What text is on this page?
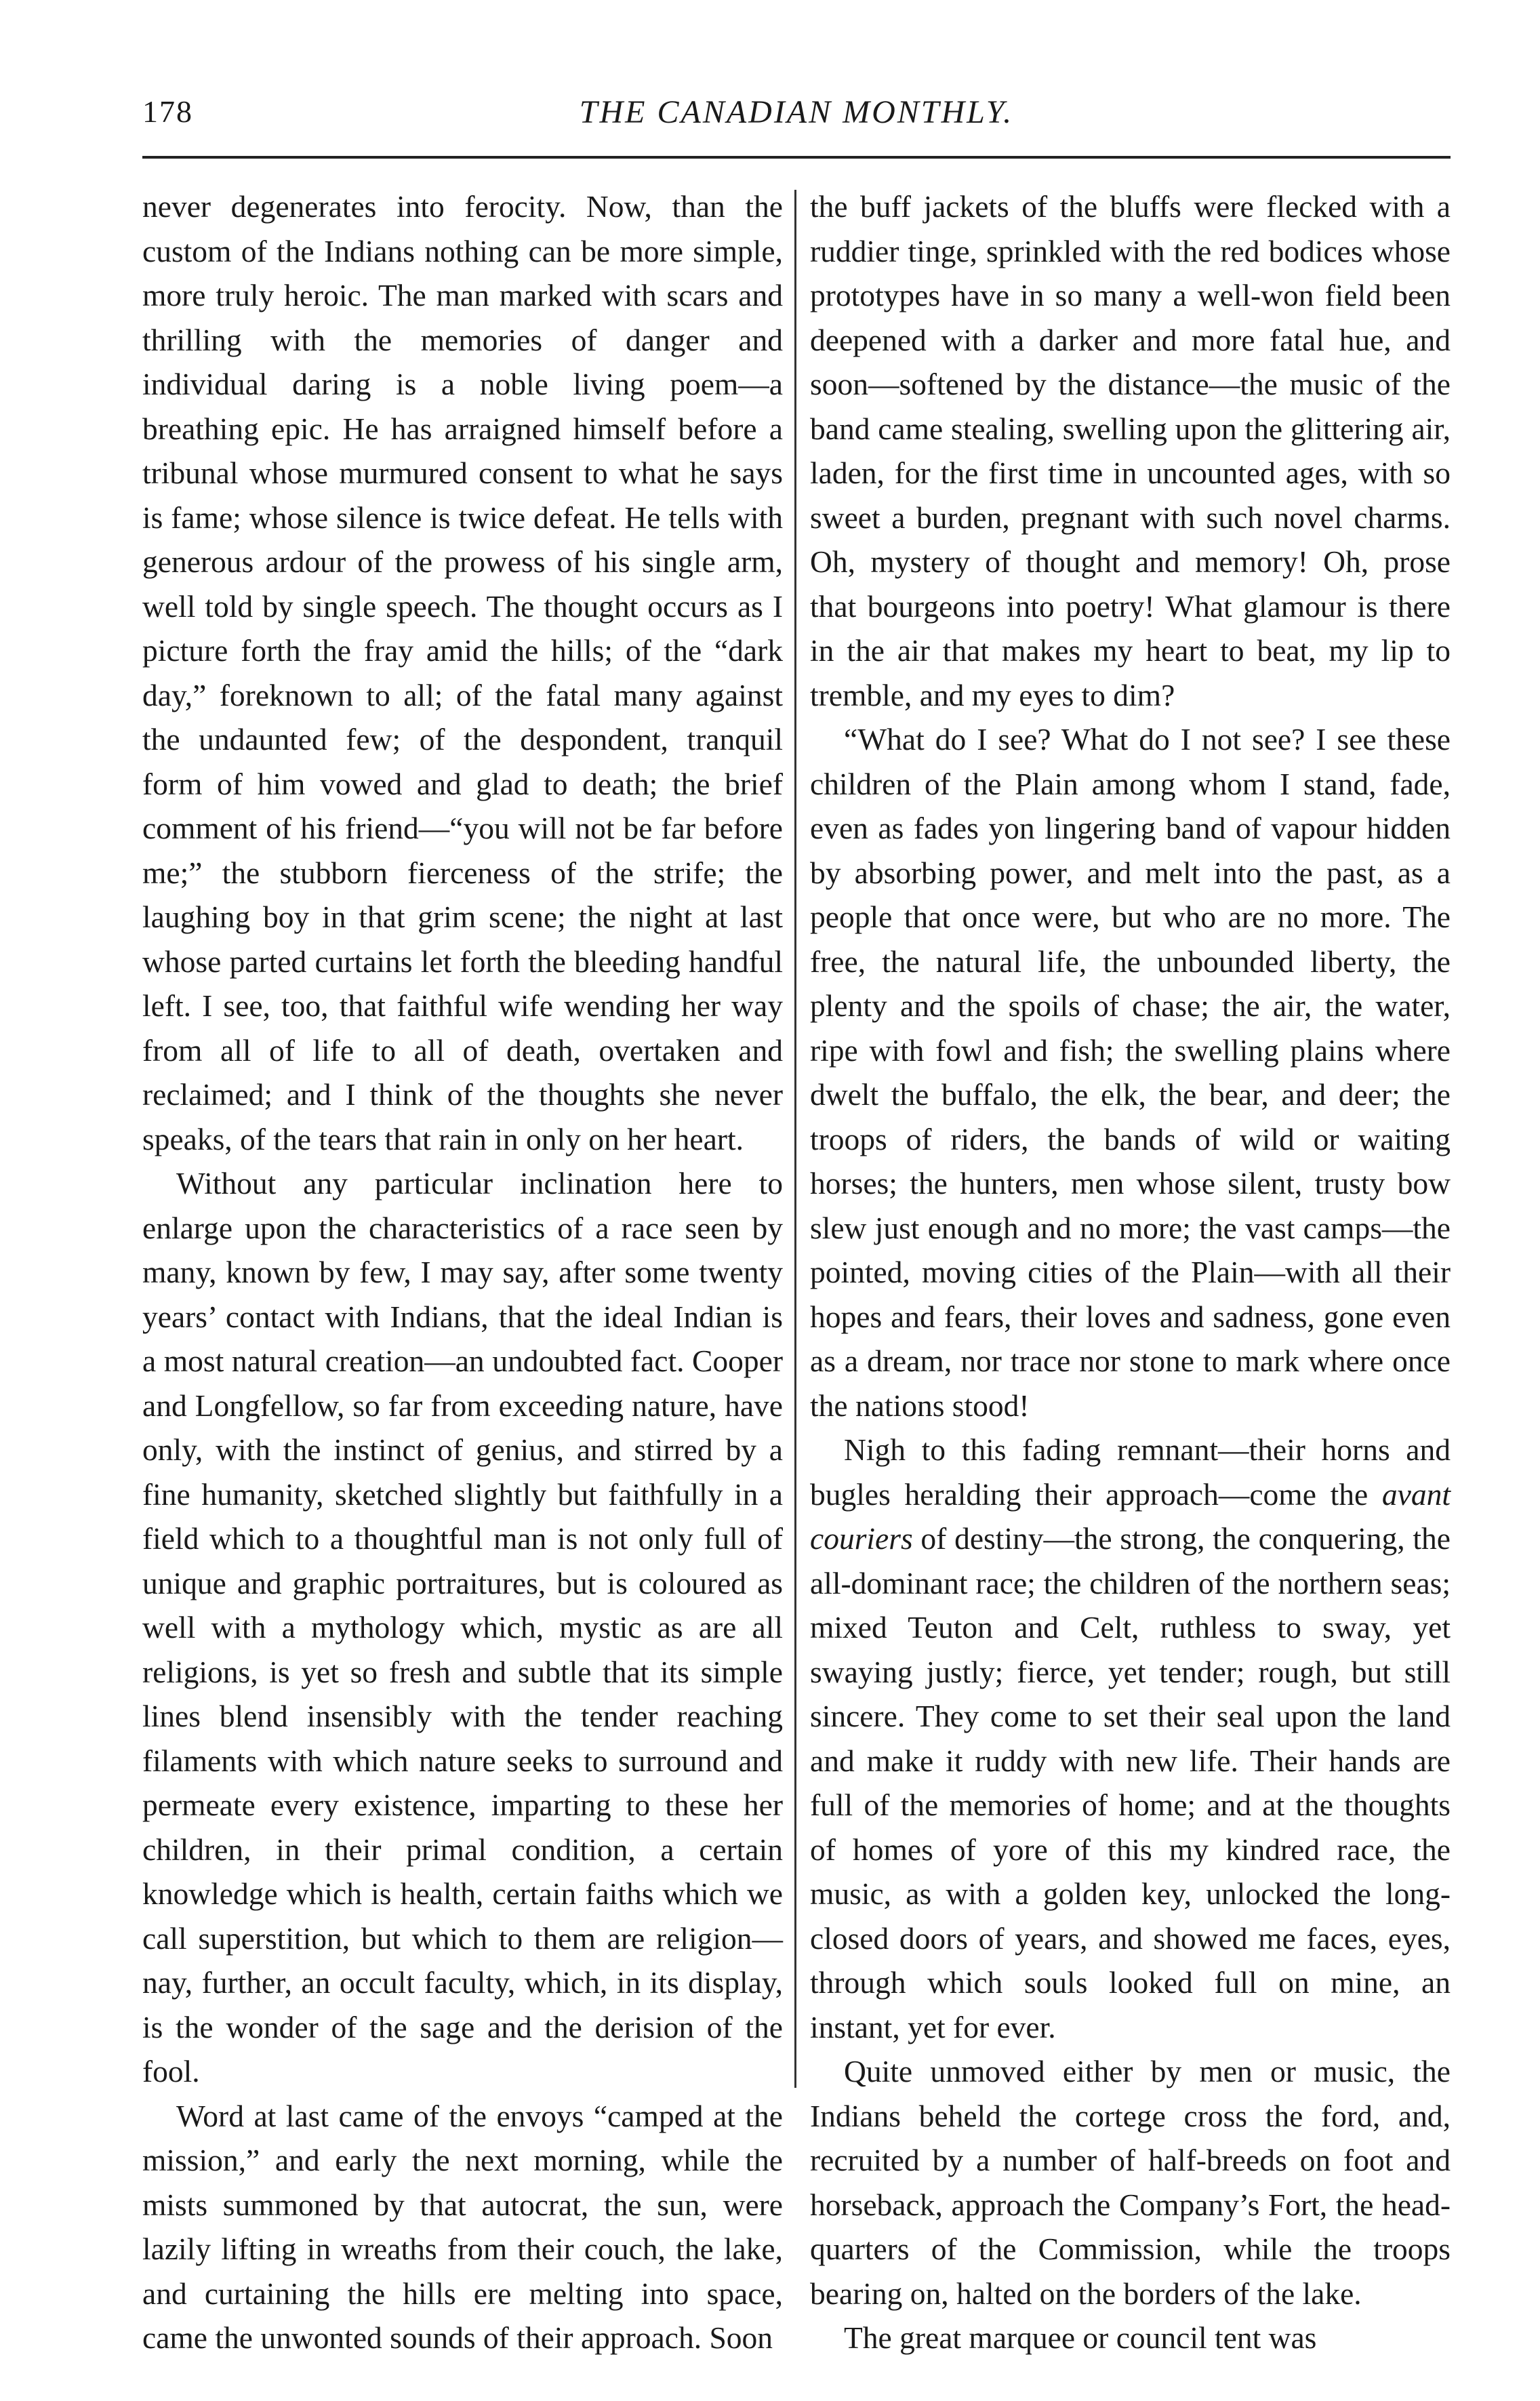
178	THE CANADIAN MONTHLY.

never degenerates into ferocity. Now, than the custom of the Indians nothing can be more simple, more truly heroic. The man marked with scars and thrilling with the memories of danger and individual daring is a noble living poem—a breathing epic. He has arraigned himself before a tribunal whose murmured consent to what he says is fame; whose silence is twice defeat. He tells with generous ardour of the prowess of his single arm, well told by single speech. The thought occurs as I picture forth the fray amid the hills; of the “dark day,” foreknown to all; of the fatal many against the undaunted few; of the despondent, tranquil form of him vowed and glad to death; the brief comment of his friend—“you will not be far before me;” the stubborn fierceness of the strife; the laughing boy in that grim scene; the night at last whose parted curtains let forth the bleeding handful left. I see, too, that faithful wife wending her way from all of life to all of death, overtaken and reclaimed; and I think of the thoughts she never speaks, of the tears that rain in only on her heart.

Without any particular inclination here to enlarge upon the characteristics of a race seen by many, known by few, I may say, after some twenty years’ contact with Indians, that the ideal Indian is a most natural creation—an undoubted fact. Cooper and Longfellow, so far from exceeding nature, have only, with the instinct of genius, and stirred by a fine humanity, sketched slightly but faithfully in a field which to a thoughtful man is not only full of unique and graphic portraitures, but is coloured as well with a mythology which, mystic as are all religions, is yet so fresh and subtle that its simple lines blend insensibly with the tender reaching filaments with which nature seeks to surround and permeate every existence, imparting to these her children, in their primal condition, a certain knowledge which is health, certain faiths which we call superstition, but which to them are religion—nay, further, an occult faculty, which, in its display, is the wonder of the sage and the derision of the fool.

Word at last came of the envoys “camped at the mission,” and early the next morning, while the mists summoned by that autocrat, the sun, were lazily lifting in wreaths from their couch, the lake, and curtaining the hills ere melting into space, came the unwonted sounds of their approach. Soon

the buff jackets of the bluffs were flecked with a ruddier tinge, sprinkled with the red bodices whose prototypes have in so many a well-won field been deepened with a darker and more fatal hue, and soon—softened by the distance—the music of the band came stealing, swelling upon the glittering air, laden, for the first time in uncounted ages, with so sweet a burden, pregnant with such novel charms. Oh, mystery of thought and memory! Oh, prose that bourgeons into poetry! What glamour is there in the air that makes my heart to beat, my lip to tremble, and my eyes to dim?

“What do I see? What do I not see? I see these children of the Plain among whom I stand, fade, even as fades yon lingering band of vapour hidden by absorbing power, and melt into the past, as a people that once were, but who are no more. The free, the natural life, the unbounded liberty, the plenty and the spoils of chase; the air, the water, ripe with fowl and fish; the swelling plains where dwelt the buffalo, the elk, the bear, and deer; the troops of riders, the bands of wild or waiting horses; the hunters, men whose silent, trusty bow slew just enough and no more; the vast camps—the pointed, moving cities of the Plain—with all their hopes and fears, their loves and sadness, gone even as a dream, nor trace nor stone to mark where once the nations stood!

Nigh to this fading remnant—their horns and bugles heralding their approach—come the avant couriers of destiny—the strong, the conquering, the all-dominant race; the children of the northern seas; mixed Teuton and Celt, ruthless to sway, yet swaying justly; fierce, yet tender; rough, but still sincere. They come to set their seal upon the land and make it ruddy with new life. Their hands are full of the memories of home; and at the thoughts of homes of yore of this my kindred race, the music, as with a golden key, unlocked the long-closed doors of years, and showed me faces, eyes, through which souls looked full on mine, an instant, yet for ever.

Quite unmoved either by men or music, the Indians beheld the cortege cross the ford, and, recruited by a number of half-breeds on foot and horseback, approach the Company’s Fort, the head-quarters of the Commission, while the troops bearing on, halted on the borders of the lake.

The great marquee or council tent was
